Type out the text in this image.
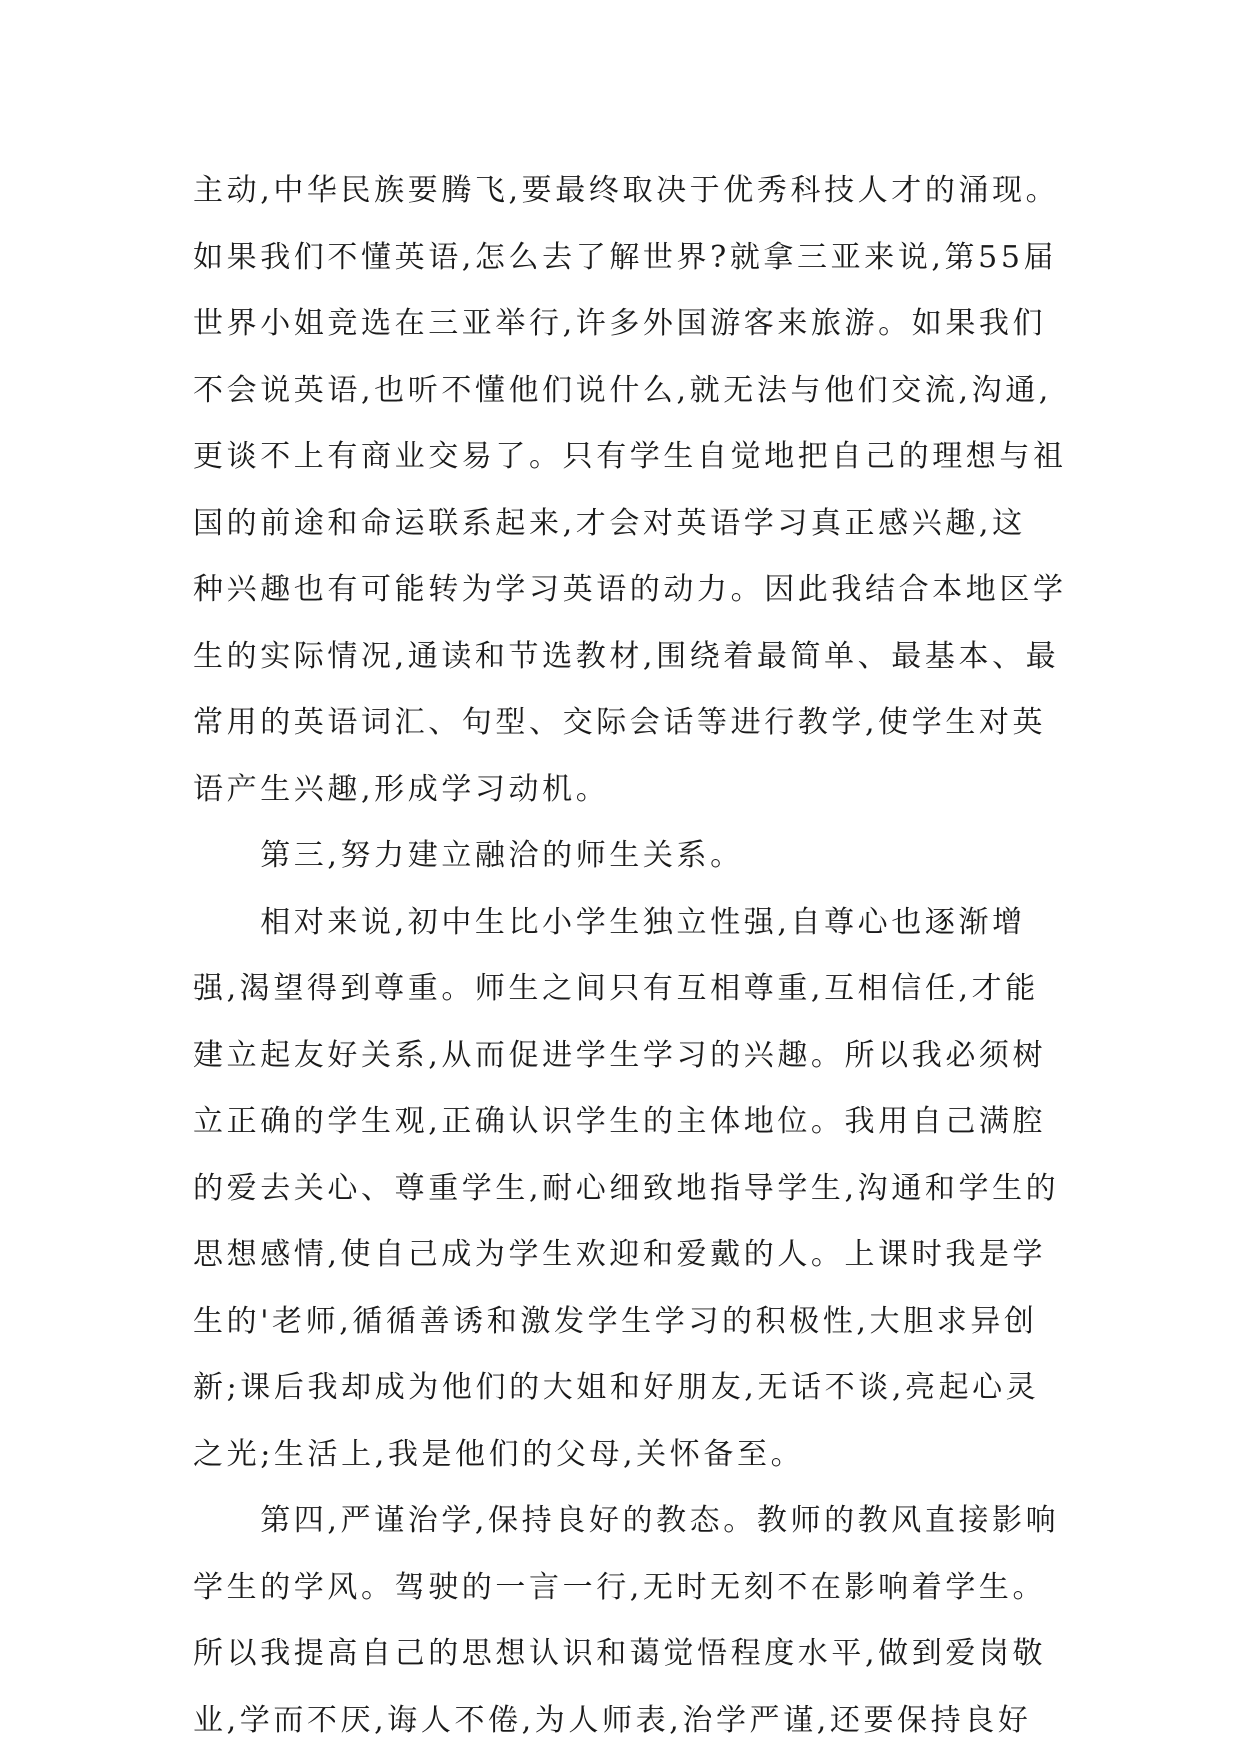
主动,中华民族要腾飞,要最终取决于优秀科技人才的涌现。
如果我们不懂英语,怎么去了解世界?就拿三亚来说,第55届
世界小姐竞选在三亚举行,许多外国游客来旅游。如果我们
不会说英语,也听不懂他们说什么,就无法与他们交流,沟通,
更谈不上有商业交易了。只有学生自觉地把自己的理想与祖
国的前途和命运联系起来,才会对英语学习真正感兴趣,这
种兴趣也有可能转为学习英语的动力。因此我结合本地区学
生的实际情况,通读和节选教材,围绕着最简单、最基本、最
常用的英语词汇、句型、交际会话等进行教学,使学生对英
语产生兴趣,形成学习动机。
　　第三,努力建立融洽的师生关系。
　　相对来说,初中生比小学生独立性强,自尊心也逐渐增
强,渴望得到尊重。师生之间只有互相尊重,互相信任,才能
建立起友好关系,从而促进学生学习的兴趣。所以我必须树
立正确的学生观,正确认识学生的主体地位。我用自己满腔
的爱去关心、尊重学生,耐心细致地指导学生,沟通和学生的
思想感情,使自己成为学生欢迎和爱戴的人。上课时我是学
生的'老师,循循善诱和激发学生学习的积极性,大胆求异创
新;课后我却成为他们的大姐和好朋友,无话不谈,亮起心灵
之光;生活上,我是他们的父母,关怀备至。
　　第四,严谨治学,保持良好的教态。教师的教风直接影响
学生的学风。驾驶的一言一行,无时无刻不在影响着学生。
所以我提高自己的思想认识和蔼觉悟程度水平,做到爱岗敬
业,学而不厌,诲人不倦,为人师表,治学严谨,还要保持良好
